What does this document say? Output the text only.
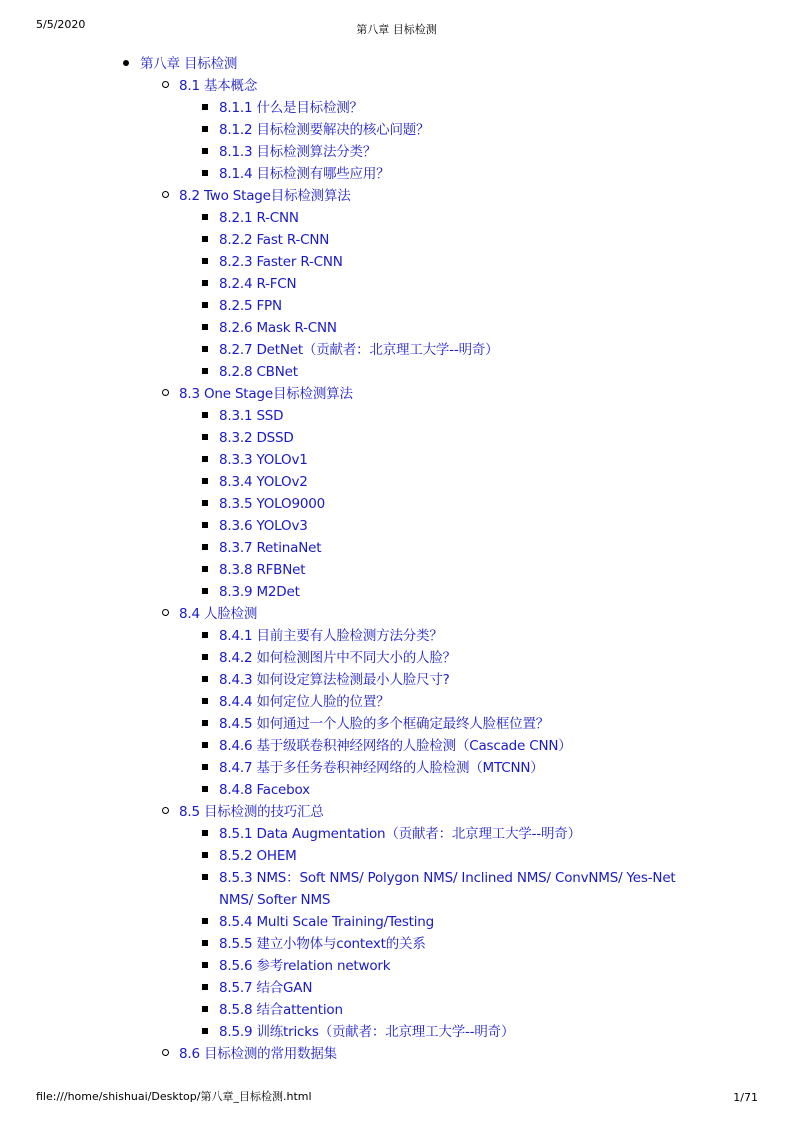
5/5/2020	第八章 目标检测
第八章 目标检测
8.1 基本概念
8.1.1 什么是目标检测？
8.1.2 目标检测要解决的核心问题？
8.1.3 目标检测算法分类？
8.1.4 目标检测有哪些应用？
8.2 Two Stage目标检测算法
8.2.1 R-CNN
8.2.2 Fast R-CNN
8.2.3 Faster R-CNN
8.2.4 R-FCN
8.2.5 FPN
8.2.6 Mask R-CNN
8.2.7 DetNet（贡献者：北京理工大学--明奇）
8.2.8 CBNet
8.3 One Stage目标检测算法
8.3.1 SSD
8.3.2 DSSD
8.3.3 YOLOv1
8.3.4 YOLOv2
8.3.5 YOLO9000
8.3.6 YOLOv3
8.3.7 RetinaNet
8.3.8 RFBNet
8.3.9 M2Det
8.4 人脸检测
8.4.1 目前主要有人脸检测方法分类？
8.4.2 如何检测图片中不同大小的人脸？
8.4.3 如何设定算法检测最小人脸尺寸?
8.4.4 如何定位人脸的位置？
8.4.5 如何通过一个人脸的多个框确定最终人脸框位置？
8.4.6 基于级联卷积神经网络的人脸检测（Cascade CNN）
8.4.7 基于多任务卷积神经网络的人脸检测（MTCNN）
8.4.8 Facebox
8.5 目标检测的技巧汇总
8.5.1 Data Augmentation（贡献者：北京理工大学--明奇）
8.5.2 OHEM
8.5.3 NMS：Soft NMS/ Polygon NMS/ Inclined NMS/ ConvNMS/ Yes-Net
NMS/ Softer NMS
8.5.4 Multi Scale Training/Testing
8.5.5 建立小物体与context的关系
8.5.6 参考relation network
8.5.7 结合GAN
8.5.8 结合attention
8.5.9 训练tricks（贡献者：北京理工大学--明奇）
8.6 目标检测的常用数据集
file:///home/shishuai/Desktop/第八章_目标检测.html	1/71
